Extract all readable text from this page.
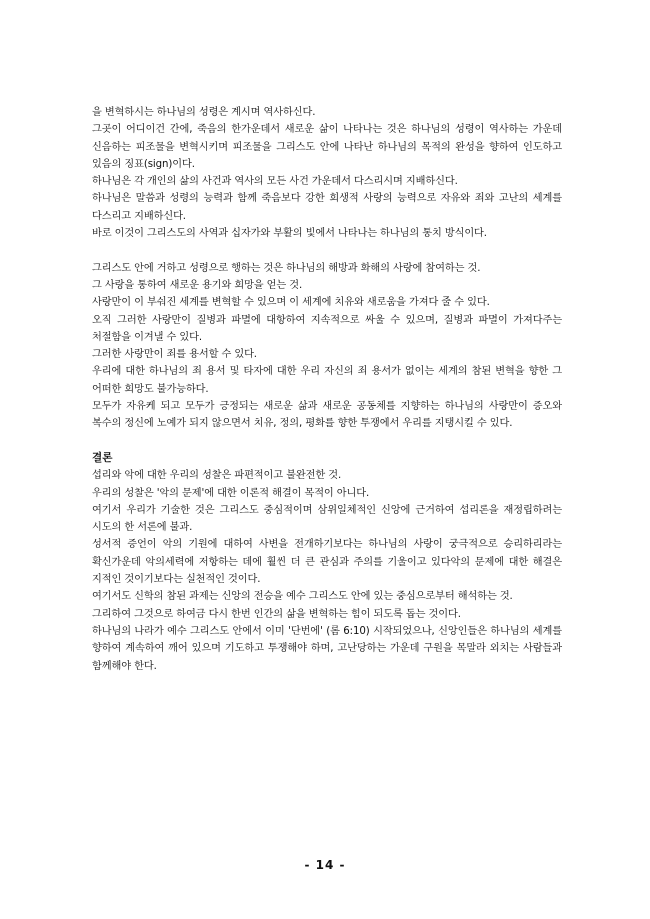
을 변혁하시는 하나님의 성령은 계시며 역사하신다.

그곳이 어디이건 간에, 죽음의 한가운데서 새로운 삶이 나타나는 것은 하나님의 성령이 역사하는 가운데 신음하는 피조물을 변혁시키며 피조물을 그리스도 안에 나타난 하나님의 목적의 완성을 향하여 인도하고 있음의 징표(sign)이다.

하나님은 각 개인의 삶의 사건과 역사의 모든 사건 가운데서 다스리시며 지배하신다.

하나님은 말씀과 성령의 능력과 함께 죽음보다 강한 희생적 사랑의 능력으로 자유와 죄와 고난의 세계를 다스리고 지배하신다.

바로 이것이 그리스도의 사역과 십자가와 부활의 빛에서 나타나는 하나님의 통치 방식이다.

그리스도 안에 거하고 성령으로 행하는 것은 하나님의 해방과 화해의 사랑에 참여하는 것.

그 사랑을 통하여 새로운 용기와 희망을 얻는 것.

사랑만이 이 부숴진 세계를 변혁할 수 있으며 이 세계에 치유와 새로움을 가져다 줄 수 있다.

오직 그러한 사랑만이 질병과 파멸에 대항하여 지속적으로 싸울 수 있으며, 질병과 파멸이 가져다주는 처절함을 이겨낼 수 있다.

그러한 사랑만이 죄를 용서할 수 있다.

우리에 대한 하나님의 죄 용서 및 타자에 대한 우리 자신의 죄 용서가 없이는 세계의 참된 변혁을 향한 그 어떠한 희망도 불가능하다.

모두가 자유케 되고 모두가 긍정되는 새로운 삶과 새로운 공동체를 지향하는 하나님의 사랑만이 증오와 복수의 정신에 노예가 되지 않으면서 치유, 정의, 평화를 향한 투쟁에서 우리를 지탱시킬 수 있다.

결론

섭리와 악에 대한 우리의 성찰은 파편적이고 불완전한 것.

우리의 성찰은 '악의 문제'에 대한 이론적 해결이 목적이 아니다.

여기서 우리가 기술한 것은 그리스도 중심적이며 삼위일체적인 신앙에 근거하여 섭리론을 재정립하려는 시도의 한 서론에 불과.

성서적 증언이 악의 기원에 대하여 사변을 전개하기보다는 하나님의 사랑이 궁극적으로 승리하리라는 확신가운데 악의세력에 저항하는 데에 훨씬 더 큰 관심과 주의를 기울이고 있다악의 문제에 대한 해결은 지적인 것이기보다는 실천적인 것이다.

여기서도 신학의 참된 과제는 신앙의 전승을 예수 그리스도 안에 있는 중심으로부터 해석하는 것.

그리하여 그것으로 하여금 다시 한번 인간의 삶을 변혁하는 힘이 되도록 돕는 것이다.

하나님의 나라가 예수 그리스도 안에서 이미 '단번에' (롬 6:10) 시작되었으나, 신앙인들은 하나님의 세계를 향하여 계속하여 깨어 있으며 기도하고 투쟁해야 하며, 고난당하는 가운데 구원을 목말라 외치는 사람들과 함께해야 한다.

- 14 -
